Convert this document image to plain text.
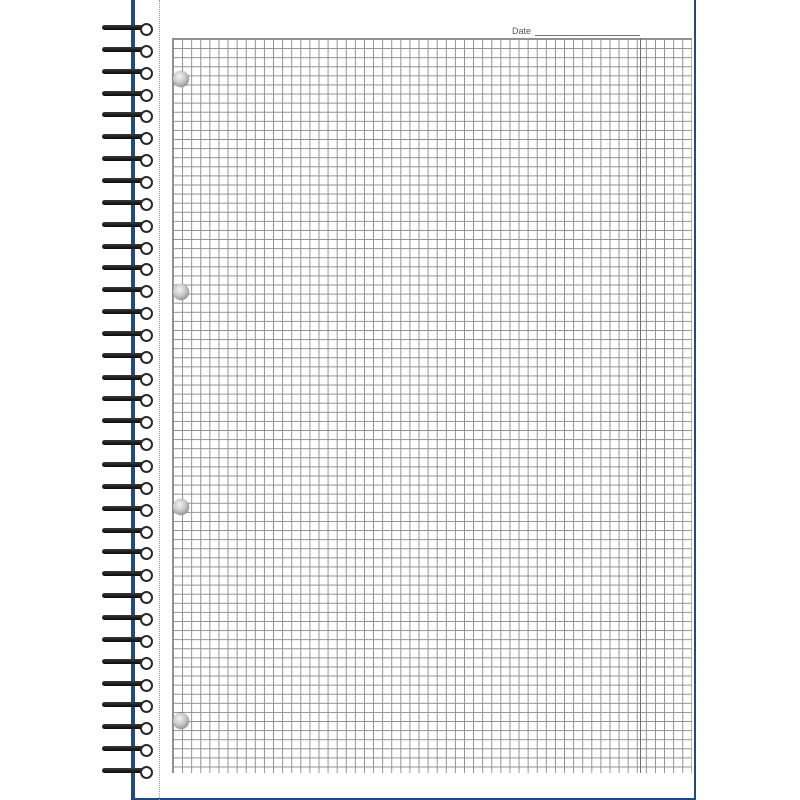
Date
